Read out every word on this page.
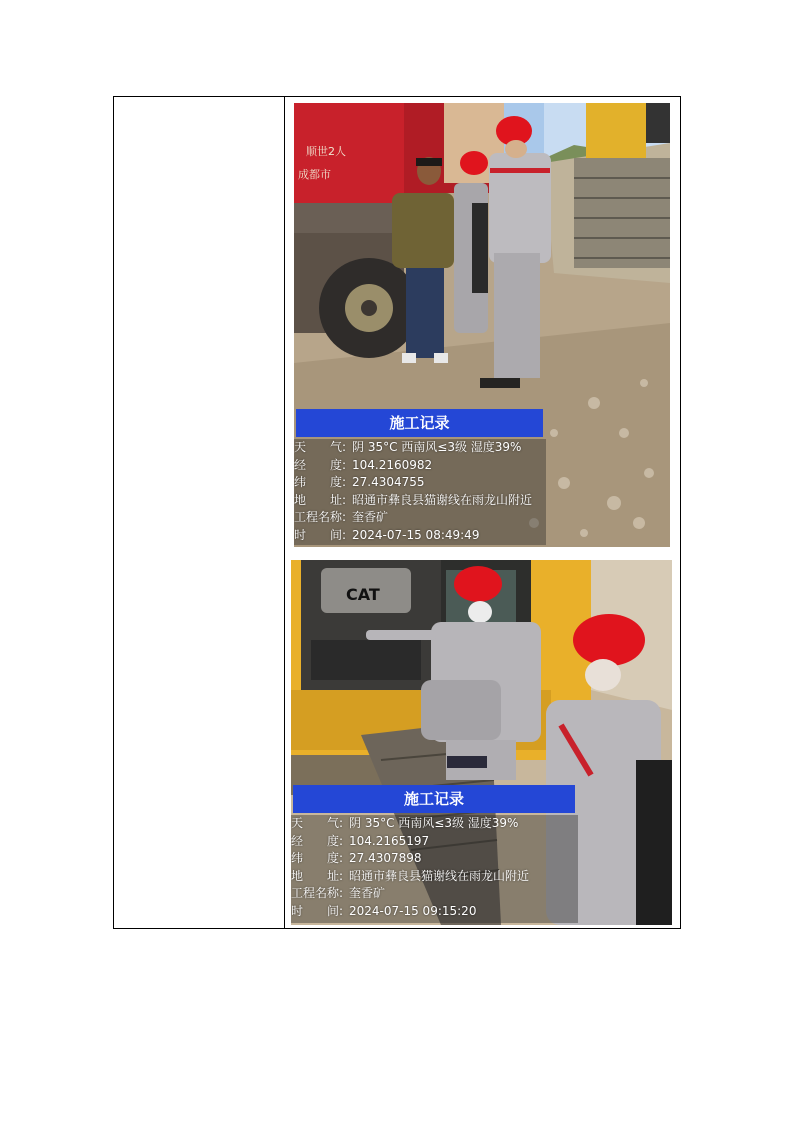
顺世2人
成都市
施工记录
天　　气: 阴 35°C 西南风≤3级 湿度39%
经　　度: 104.2160982
纬　　度: 27.4304755
地　　址: 昭通市彝良县猫谢线在雨龙山附近
工程名称: 奎香矿
时　　间: 2024-07-15 08:49:49
CAT
施工记录
天　　气: 阴 35°C 西南风≤3级 湿度39%
经　　度: 104.2165197
纬　　度: 27.4307898
地　　址: 昭通市彝良县猫谢线在雨龙山附近
工程名称: 奎香矿
时　　间: 2024-07-15 09:15:20
